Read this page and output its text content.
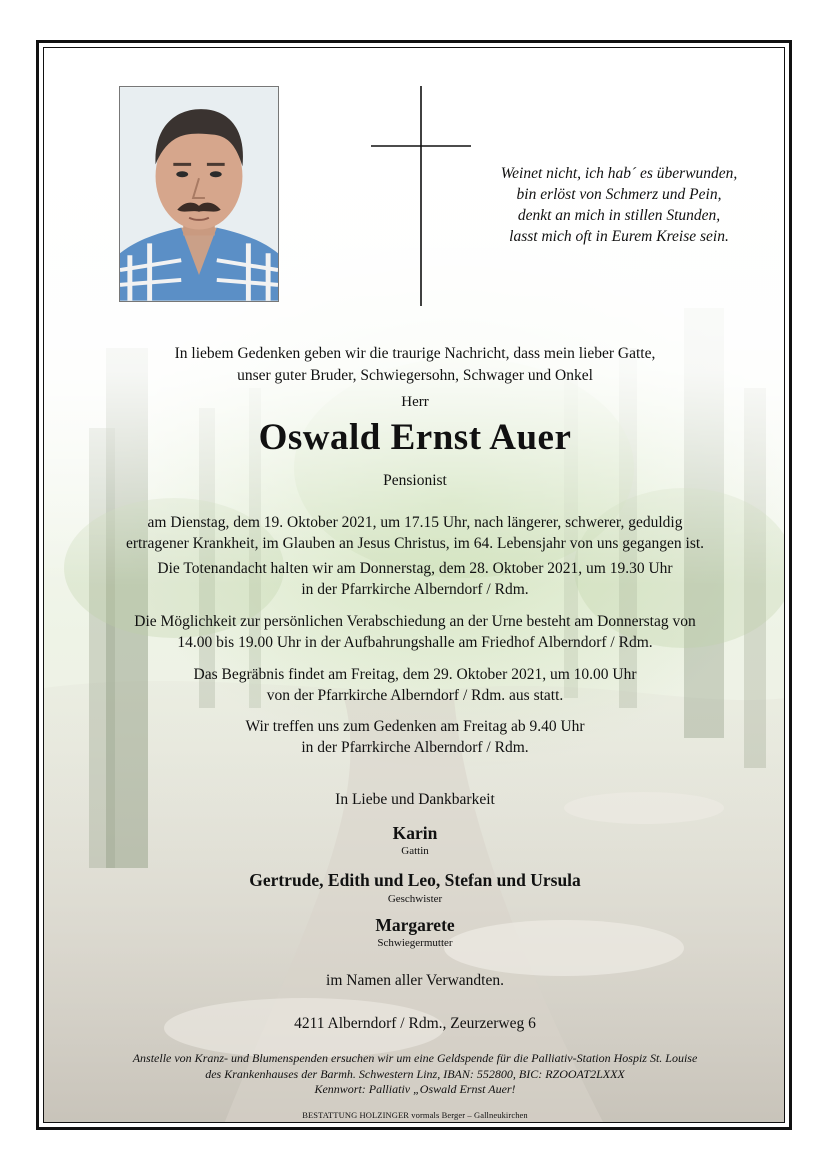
Weinet nicht, ich hab´ es überwunden,
bin erlöst von Schmerz und Pein,
denkt an mich in stillen Stunden,
lasst mich oft in Eurem Kreise sein.
In liebem Gedenken geben wir die traurige Nachricht, dass mein lieber Gatte,
unser guter Bruder, Schwiegersohn, Schwager und Onkel
Herr
Oswald Ernst Auer
Pensionist
am Dienstag, dem 19. Oktober 2021, um 17.15 Uhr, nach längerer, schwerer, geduldig
ertragener Krankheit, im Glauben an Jesus Christus, im 64. Lebensjahr von uns gegangen ist.
Die Totenandacht halten wir am Donnerstag, dem 28. Oktober 2021, um 19.30 Uhr
in der Pfarrkirche Alberndorf / Rdm.
Die Möglichkeit zur persönlichen Verabschiedung an der Urne besteht am Donnerstag von
14.00 bis 19.00 Uhr in der Aufbahrungshalle am Friedhof Alberndorf / Rdm.
Das Begräbnis findet am Freitag, dem 29. Oktober 2021, um 10.00 Uhr
von der Pfarrkirche Alberndorf / Rdm. aus statt.
Wir treffen uns zum Gedenken am Freitag ab 9.40 Uhr
in der Pfarrkirche Alberndorf / Rdm.
In Liebe und Dankbarkeit
Karin
Gattin
Gertrude, Edith und Leo, Stefan und Ursula
Geschwister
Margarete
Schwiegermutter
im Namen aller Verwandten.
4211 Alberndorf / Rdm., Zeurzerweg 6
Anstelle von Kranz- und Blumenspenden ersuchen wir um eine Geldspende für die Palliativ-Station Hospiz St. Louise
des Krankenhauses der Barmh. Schwestern Linz, IBAN: 552800, BIC: RZOOAT2LXXX
Kennwort: Palliativ „Oswald Ernst Auer!
BESTATTUNG HOLZINGER vormals Berger – Gallneukirchen
